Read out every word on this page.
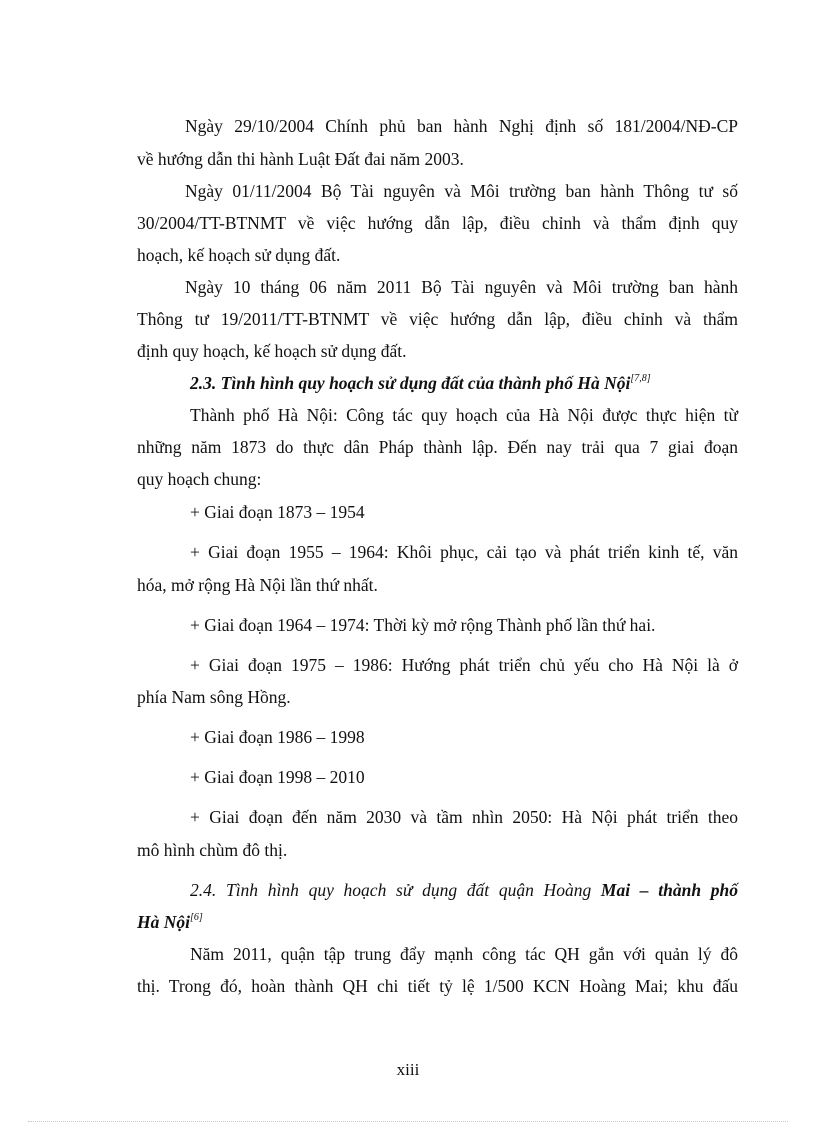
Ngày 29/10/2004 Chính phủ ban hành Nghị định số 181/2004/NĐ-CP

về hướng dẫn thi hành Luật Đất đai năm 2003.

Ngày 01/11/2004 Bộ Tài nguyên và Môi trường ban hành Thông tư số

30/2004/TT-BTNMT về việc hướng dẫn lập, điều chỉnh và thẩm định quy

hoạch, kế hoạch sử dụng đất.

Ngày 10 tháng 06 năm 2011 Bộ Tài nguyên và Môi trường ban hành

Thông tư 19/2011/TT-BTNMT về việc hướng dẫn lập, điều chỉnh và thẩm

định quy hoạch, kế hoạch sử dụng đất.

2.3. Tình hình quy hoạch sử dụng đất của thành phố Hà Nội[7,8]

Thành phố Hà Nội: Công tác quy hoạch của Hà Nội được thực hiện từ

những năm 1873 do thực dân Pháp thành lập. Đến nay trải qua 7 giai đoạn

quy hoạch chung:

+ Giai đoạn 1873 – 1954

+ Giai đoạn 1955 – 1964: Khôi phục, cải tạo và phát triển kinh tế, văn

hóa, mở rộng Hà Nội lần thứ nhất.

+ Giai đoạn 1964 – 1974: Thời kỳ mở rộng Thành phố lần thứ hai.

+ Giai đoạn 1975 – 1986: Hướng phát triển chủ yếu cho Hà Nội là ở

phía Nam sông Hồng.

+ Giai đoạn 1986 – 1998

+ Giai đoạn 1998 – 2010

+ Giai đoạn đến năm 2030 và tầm nhìn 2050: Hà Nội phát triển theo

mô hình chùm đô thị.

2.4. Tình hình quy hoạch sử dụng đất quận Hoàng Mai – thành phố

Hà Nội[6]

Năm 2011, quận tập trung đẩy mạnh công tác QH gắn với quản lý đô

thị. Trong đó, hoàn thành QH chi tiết tỷ lệ 1/500 KCN Hoàng Mai; khu đấu

xiii
